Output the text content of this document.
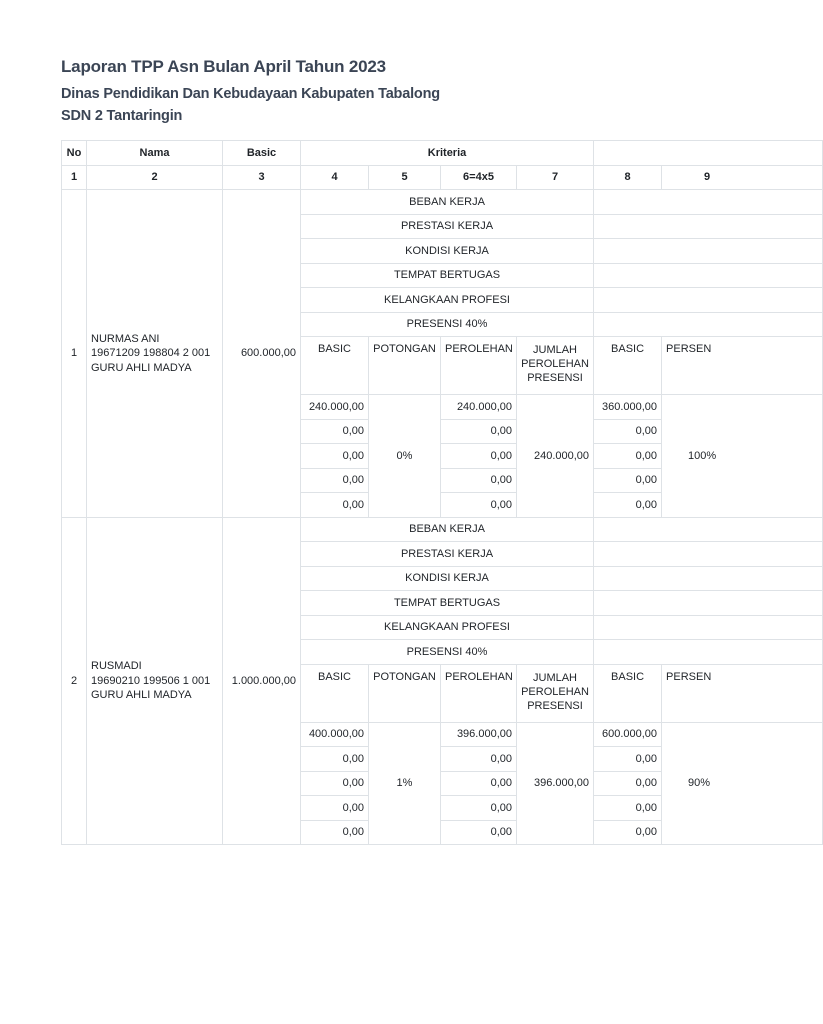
Laporan TPP Asn Bulan April Tahun 2023
Dinas Pendidikan Dan Kebudayaan Kabupaten Tabalong
SDN 2 Tantaringin
No	Nama	Basic	Kriteria					
1	2	3	4	5	6=4x5	7	8	9
1	NURMAS ANI
19671209 198804 2 001
GURU AHLI MADYA	600.000,00	BEBAN KERJA					
			PRESTASI KERJA					
			KONDISI KERJA					
			TEMPAT BERTUGAS					
			KELANGKAAN PROFESI					
			PRESENSI 40%					
			BASIC	POTONGAN	PEROLEHAN	JUMLAH PEROLEHAN PRESENSI	BASIC	PERSEN
			240.000,00	0%	240.000,00	240.000,00	360.000,00	100%
			0,00		0,00		0,00	
			0,00		0,00		0,00	
			0,00		0,00		0,00	
			0,00		0,00		0,00	
2	RUSMADI
19690210 199506 1 001
GURU AHLI MADYA	1.000.000,00	BEBAN KERJA					
			PRESTASI KERJA					
			KONDISI KERJA					
			TEMPAT BERTUGAS					
			KELANGKAAN PROFESI					
			PRESENSI 40%					
			BASIC	POTONGAN	PEROLEHAN	JUMLAH PEROLEHAN PRESENSI	BASIC	PERSEN
			400.000,00	1%	396.000,00	396.000,00	600.000,00	90%
			0,00		0,00		0,00	
			0,00		0,00		0,00	
			0,00		0,00		0,00	
			0,00		0,00		0,00	
